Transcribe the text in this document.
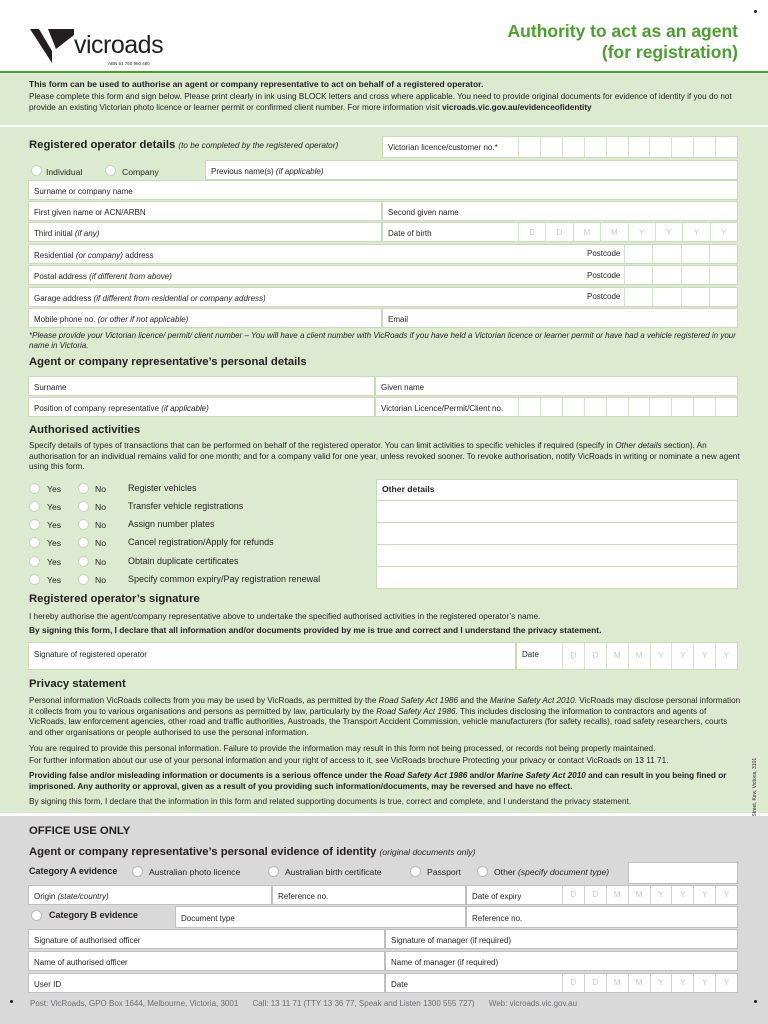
vicroads
ABN 61 760 960 480
Authority to act as an agent
(for registration)
This form can be used to authorise an agent or company representative to act on behalf of a registered operator.
Please complete this form and sign below. Please print clearly in ink using BLOCK letters and cross where applicable. You need to provide original documents for evidence of identity if you do not provide an existing Victorian photo licence or learner permit or confirmed client number. For more information visit vicroads.vic.gov.au/evidenceofidentity
Registered operator details (to be completed by the registered operator)	Victorian licence/customer no.*
Individual	Company	Previous name(s) (if applicable)
Surname or company name
First given name or ACN/ARBN	Second given name
Third initial (if any)	Date of birth	D	D	M	M	Y	Y	Y	Y
Residential (or company) address	Postcode
Postal address (if different from above)	Postcode
Garage address (if different from residential or company address)	Postcode
Mobile phone no. (or other if not applicable)	Email
*Please provide your Victorian licence/ permit/ client number – You will have a client number with VicRoads if you have held a Victorian licence or learner permit or have had a vehicle registered in your name in Victoria.
Agent or company representative’s personal details
Surname	Given name
Position of company representative (if applicable)	Victorian Licence/Permit/Client no.
Authorised activities
Specify details of types of transactions that can be performed on behalf of the registered operator. You can limit activities to specific vehicles if required (specify in Other details section). An authorisation for an individual remains valid for one month; and for a company valid for one year, unless revoked sooner. To revoke authorisation, notify VicRoads in writing or nominate a new agent using this form.
Yes	No Register vehicles
Yes	No Transfer vehicle registrations
Yes	No Assign number plates
Yes	No Cancel registration/Apply for refunds
Yes	No Obtain duplicate certificates
Yes	No Specify common expiry/Pay registration renewal
Other details
Registered operator’s signature
I hereby authorise the agent/company representative above to undertake the specified authorised activities in the registered operator’s name.
By signing this form, I declare that all information and/or documents provided by me is true and correct and I understand the privacy statement.
Signature of registered operator	Date	D	D	M	M	Y	Y	Y	Y
Privacy statement
Personal information VicRoads collects from you may be used by VicRoads, as permitted by the Road Safety Act 1986 and the Marine Safety Act 2010. VicRoads may disclose personal information it collects from you to various organisations and persons as permitted by law, particularly by the Road Safety Act 1986. This includes disclosing the information to contractors and agents of VicRoads, law enforcement agencies, other road and traffic authorities, Austroads, the Transport Accident Commission, vehicle manufacturers (for safety recalls), road safety researchers, courts and other organisations or people authorised to use the personal information.
You are required to provide this personal information. Failure to provide the information may result in this form not being processed, or records not being properly maintained.
For further information about our use of your personal information and your right of access to it, see VicRoads brochure Protecting your privacy or contact VicRoads on 13 11 71.
Providing false and/or misleading information or documents is a serious offence under the Road Safety Act 1986 and/or Marine Safety Act 2010 and can result in you being fined or imprisoned. Any authority or approval, given as a result of you providing such information/documents, may be reversed and have no effect.
By signing this form, I declare that the information in this form and related supporting documents is true, correct and complete, and I understand the privacy statement.
OFFICE USE ONLY
Agent or company representative’s personal evidence of identity (original documents only)
Category A evidence	Australian photo licence	Australian birth certificate	Passport	Other (specify document type)
Origin (state/country)	Reference no.	Date of expiry	D	D	M	M	Y	Y	Y	Y
Category B evidence	Document type	Reference no.
Signature of authorised officer	Signature of manager (if required)
Name of authorised officer	Name of manager (if required)
User ID	Date	D	D	M	M	Y	Y	Y	Y
Post: VicRoads, GPO Box 1644, Melbourne, Victoria, 3001 Call: 13 11 71 (TTY 13 36 77, Speak and Listen 1300 555 727) Web: vicroads.vic.gov.au
